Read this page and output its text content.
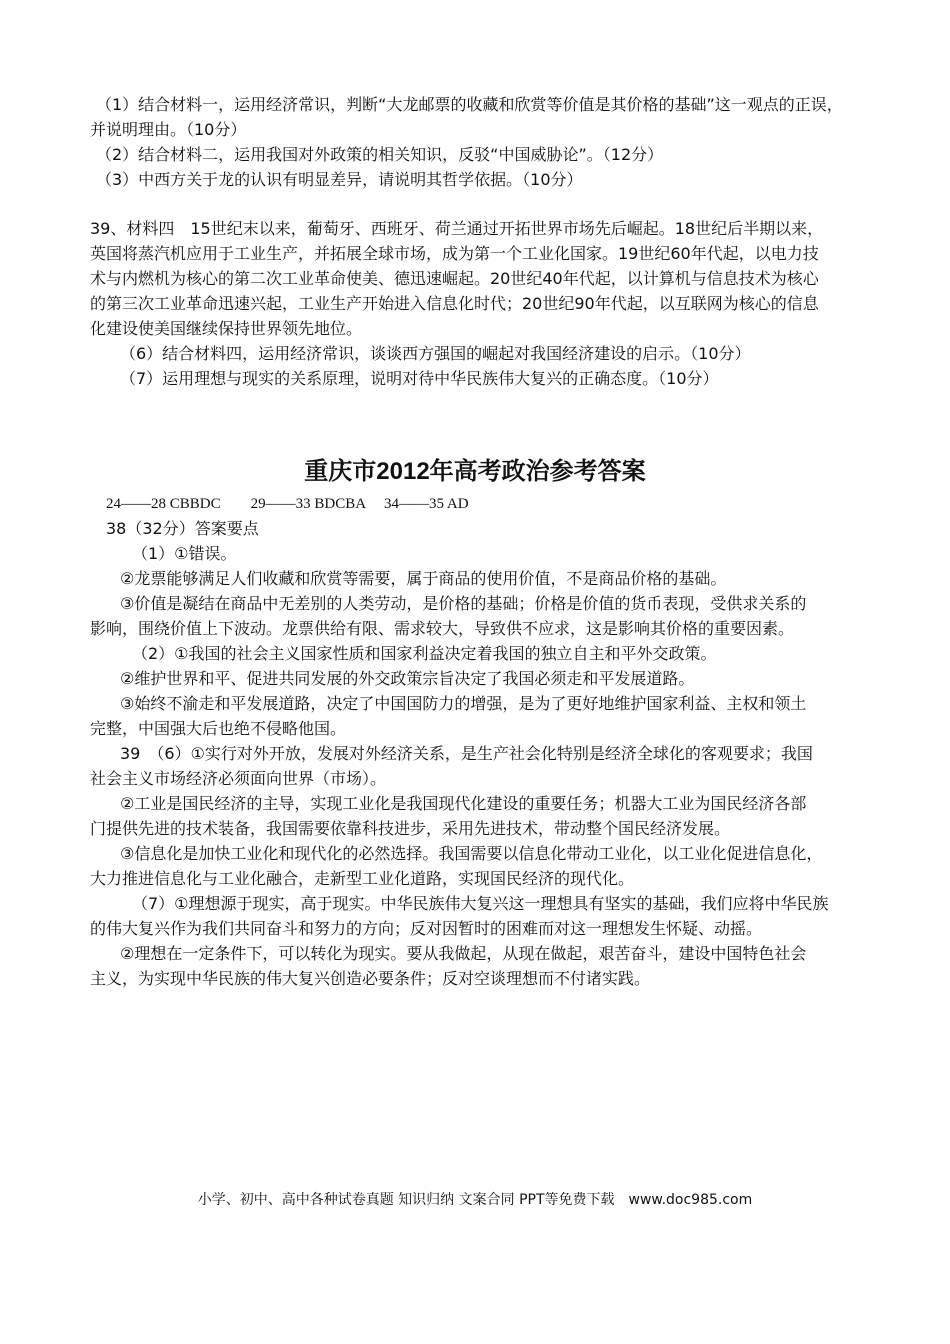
（1）结合材料一，运用经济常识，判断“大龙邮票的收藏和欣赏等价值是其价格的基础”这一观点的正误，
并说明理由。（10分）
（2）结合材料二，运用我国对外政策的相关知识，反驳“中国威胁论”。（12分）
（3）中西方关于龙的认识有明显差异，请说明其哲学依据。（10分）
39、材料四　15世纪末以来，葡萄牙、西班牙、荷兰通过开拓世界市场先后崛起。18世纪后半期以来，
英国将蒸汽机应用于工业生产，并拓展全球市场，成为第一个工业化国家。19世纪60年代起，以电力技
术与内燃机为核心的第二次工业革命使美、德迅速崛起。20世纪40年代起，以计算机与信息技术为核心
的第三次工业革命迅速兴起，工业生产开始进入信息化时代；20世纪90年代起，以互联网为核心的信息
化建设使美国继续保持世界领先地位。
（6）结合材料四，运用经济常识，谈谈西方强国的崛起对我国经济建设的启示。（10分）
（7）运用理想与现实的关系原理，说明对待中华民族伟大复兴的正确态度。（10分）
重庆市2012年高考政治参考答案
24——28 CBBDC　　29——33 BDCBA　 34——35 AD
38（32分）答案要点
（1）①错误。
②龙票能够满足人们收藏和欣赏等需要，属于商品的使用价值，不是商品价格的基础。
③价值是凝结在商品中无差别的人类劳动，是价格的基础；价格是价值的货币表现，受供求关系的
影响，围绕价值上下波动。龙票供给有限、需求较大，导致供不应求，这是影响其价格的重要因素。
（2）①我国的社会主义国家性质和国家利益决定着我国的独立自主和平外交政策。
②维护世界和平、促进共同发展的外交政策宗旨决定了我国必须走和平发展道路。
③始终不渝走和平发展道路，决定了中国国防力的增强，是为了更好地维护国家利益、主权和领土
完整，中国强大后也绝不侵略他国。
39　（6）①实行对外开放，发展对外经济关系，是生产社会化特别是经济全球化的客观要求；我国
社会主义市场经济必须面向世界（市场）。
②工业是国民经济的主导，实现工业化是我国现代化建设的重要任务；机器大工业为国民经济各部
门提供先进的技术装备，我国需要依靠科技进步，采用先进技术，带动整个国民经济发展。
③信息化是加快工业化和现代化的必然选择。我国需要以信息化带动工业化，以工业化促进信息化，
大力推进信息化与工业化融合，走新型工业化道路，实现国民经济的现代化。
（7）①理想源于现实，高于现实。中华民族伟大复兴这一理想具有坚实的基础，我们应将中华民族
的伟大复兴作为我们共同奋斗和努力的方向；反对因暂时的困难而对这一理想发生怀疑、动摇。
②理想在一定条件下，可以转化为现实。要从我做起，从现在做起，艰苦奋斗，建设中国特色社会
主义，为实现中华民族的伟大复兴创造必要条件；反对空谈理想而不付诸实践。
小学、初中、高中各种试卷真题 知识归纳 文案合同 PPT等免费下载　www.doc985.com
